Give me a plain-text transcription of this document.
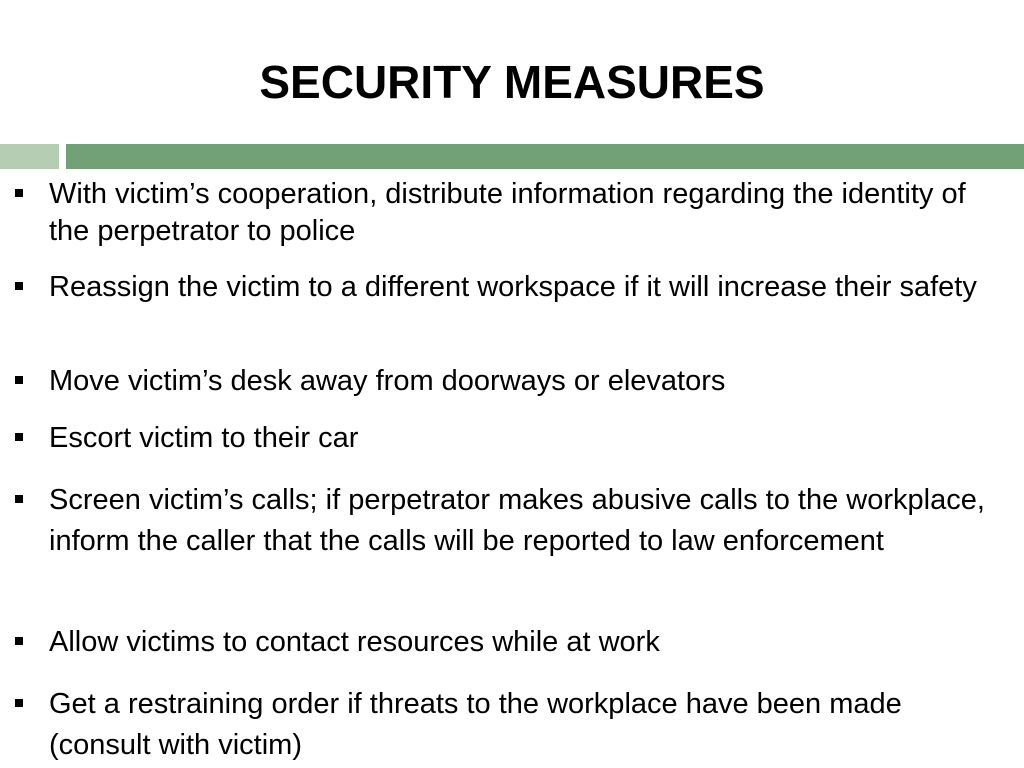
SECURITY MEASURES
With victim’s cooperation, distribute information regarding the identity of the perpetrator to police
Reassign the victim to a different workspace if it will increase their safety
Move victim’s desk away from doorways or elevators
Escort victim to their car
Screen victim’s calls; if perpetrator makes abusive calls to the workplace, inform the caller that the calls will be reported to law enforcement
Allow victims to contact resources while at work
Get a restraining order if threats to the workplace have been made (consult with victim)
